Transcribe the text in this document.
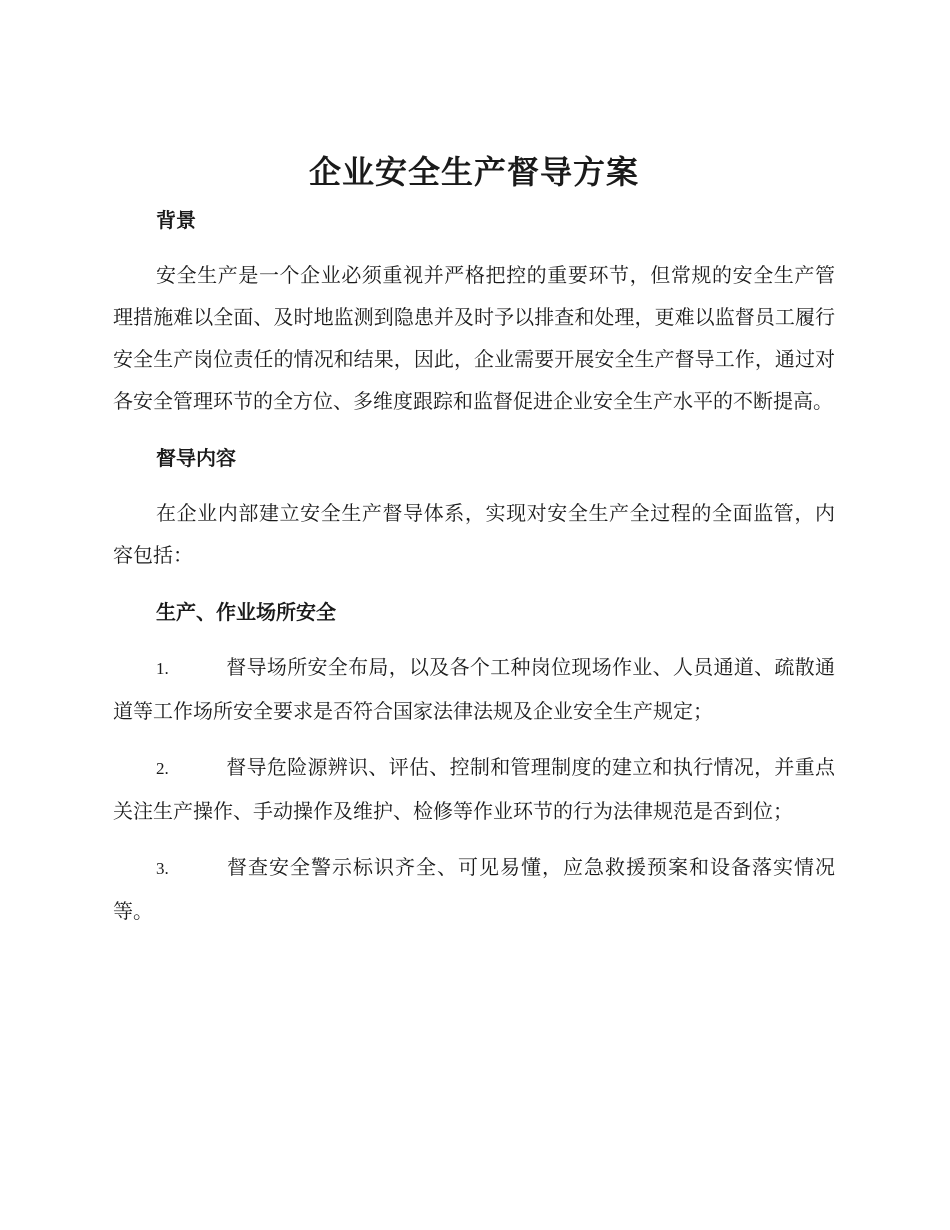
企业安全生产督导方案
背景

安全生产是一个企业必须重视并严格把控的重要环节，但常规的安全生产管理措施难以全面、及时地监测到隐患并及时予以排查和处理，更难以监督员工履行安全生产岗位责任的情况和结果，因此，企业需要开展安全生产督导工作，通过对各安全管理环节的全方位、多维度跟踪和监督促进企业安全生产水平的不断提高。

督导内容

在企业内部建立安全生产督导体系，实现对安全生产全过程的全面监管，内容包括：

生产、作业场所安全

1.	督导场所安全布局，以及各个工种岗位现场作业、人员通道、疏散通道等工作场所安全要求是否符合国家法律法规及企业安全生产规定；

2.	督导危险源辨识、评估、控制和管理制度的建立和执行情况，并重点关注生产操作、手动操作及维护、检修等作业环节的行为法律规范是否到位；

3.	督查安全警示标识齐全、可见易懂，应急救援预案和设备落实情况等。
